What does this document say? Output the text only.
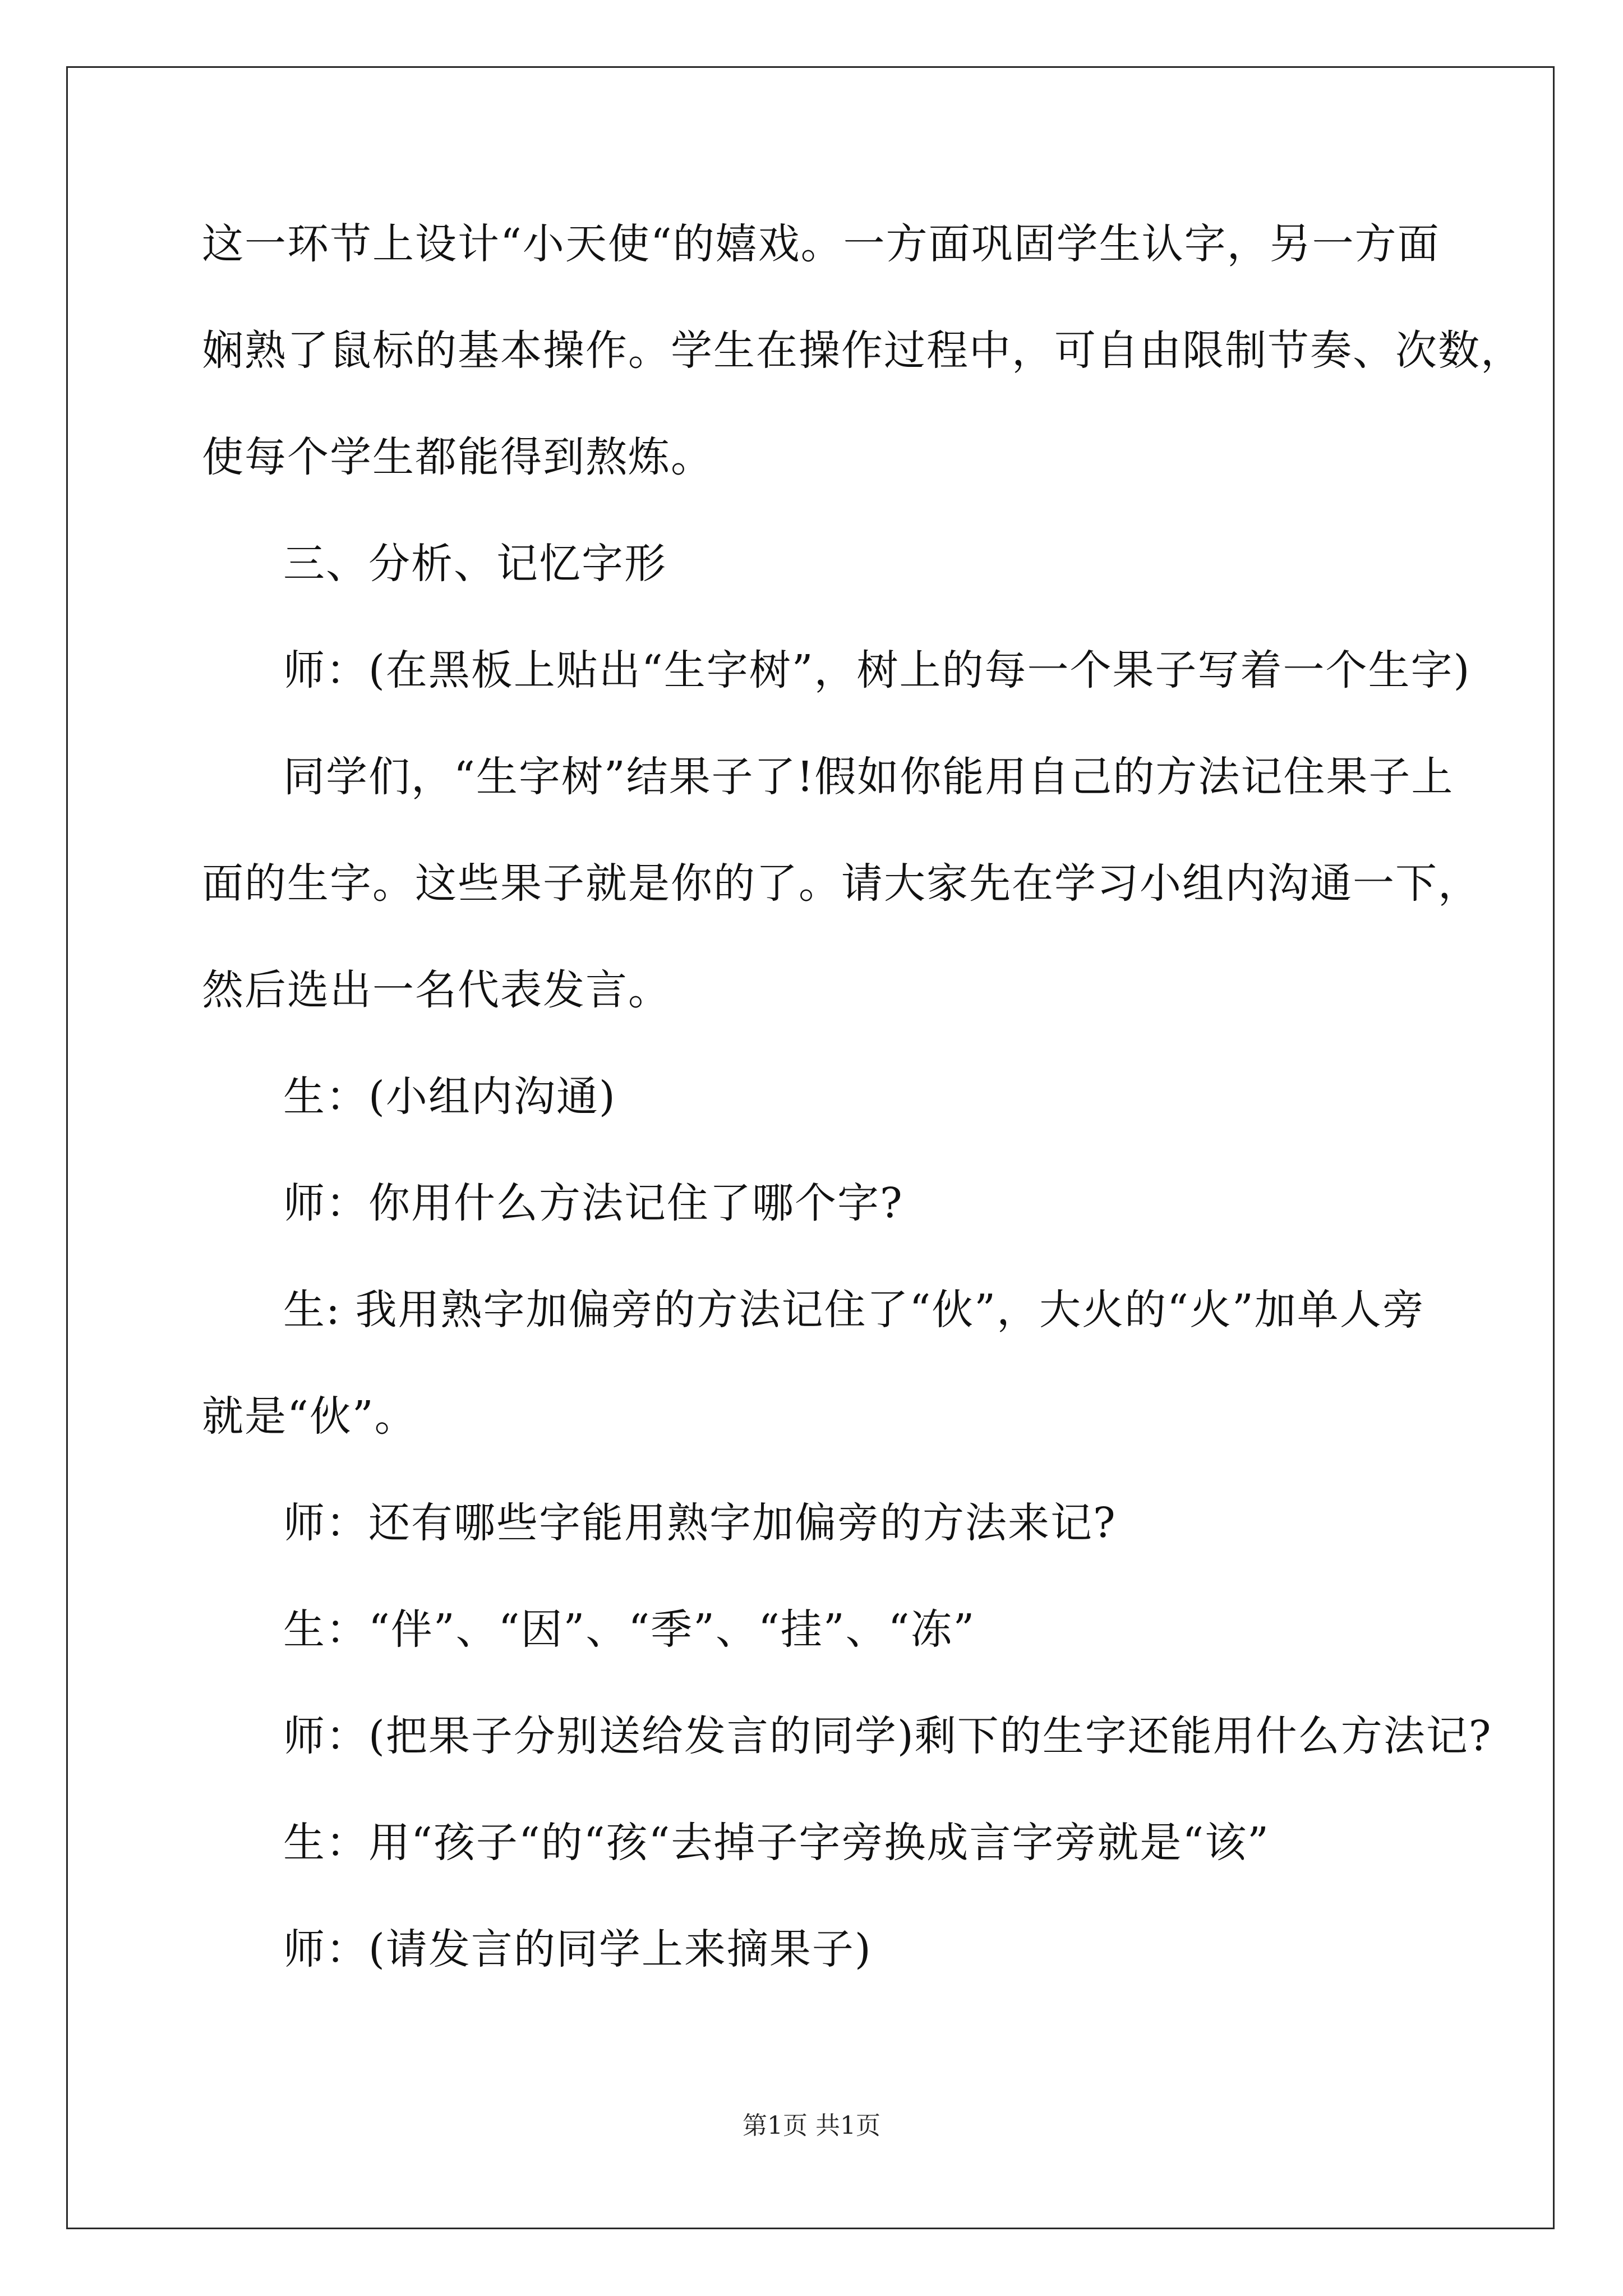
这一环节上设计“小天使“的嬉戏。一方面巩固学生认字，另一方面
娴熟了鼠标的基本操作。学生在操作过程中，可自由限制节奏、次数，
使每个学生都能得到熬炼。
三、分析、记忆字形
师：(在黑板上贴出“生字树”，树上的每一个果子写着一个生字)
同学们，“生字树”结果子了!假如你能用自己的方法记住果子上
面的生字。这些果子就是你的了。请大家先在学习小组内沟通一下，
然后选出一名代表发言。
生：(小组内沟通)
师：你用什么方法记住了哪个字?
生: 我用熟字加偏旁的方法记住了“伙”，大火的“火”加单人旁
就是“伙”。
师：还有哪些字能用熟字加偏旁的方法来记?
生：“伴”、“因”、“季”、“挂”、“冻”
师：(把果子分别送给发言的同学)剩下的生字还能用什么方法记?
生：用“孩子“的“孩“去掉子字旁换成言字旁就是“该”
师：(请发言的同学上来摘果子)
第1页 共1页
